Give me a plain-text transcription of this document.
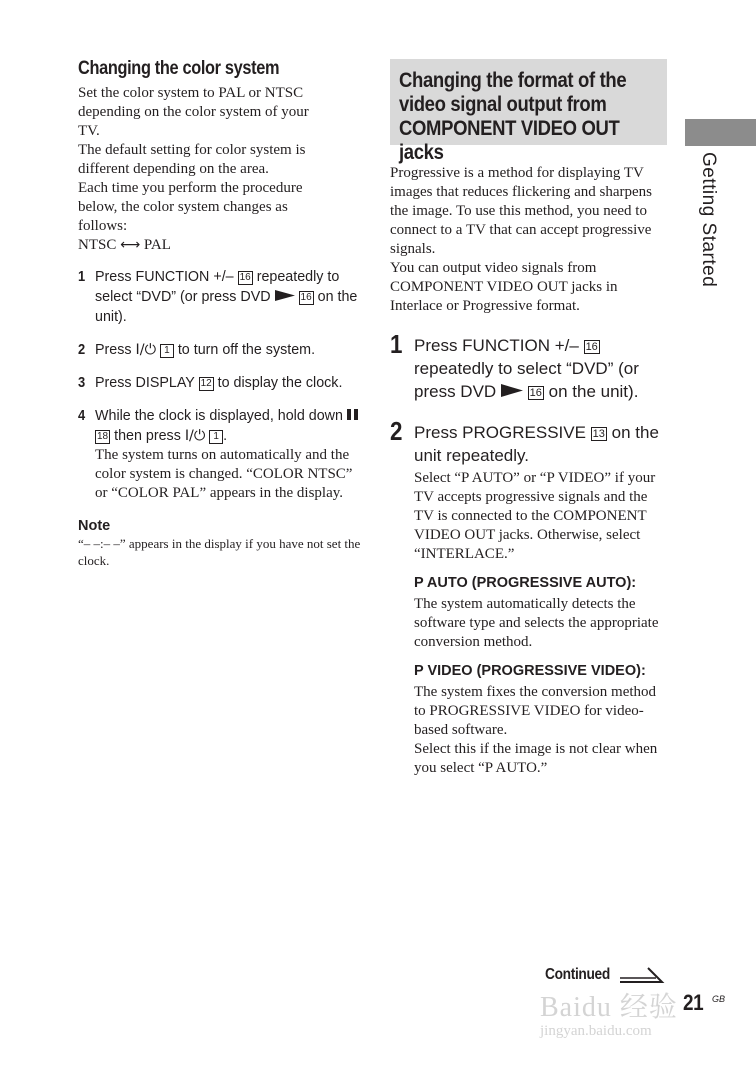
Changing the color system

Set the color system to PAL or NTSC
depending on the color system of your
TV.
The default setting for color system is
different depending on the area.
Each time you perform the procedure
below, the color system changes as
follows:

NTSC ⟷ PAL

1 Press FUNCTION +/– 16 repeatedly to select “DVD” (or press DVD	16 on the unit).
2 Press I/⏻ 1 to turn off the system.
3 Press DISPLAY 12 to display the clock.
4 While the clock is displayed, hold down  18 then press I/⏻ 1 .
The system turns on automatically and the color system is changed. “COLOR NTSC” or “COLOR PAL” appears in the display.
Note
“– –:– –” appears in the display if you have not set the clock.
Changing the format of the
video signal output from
COMPONENT VIDEO OUT jacks

Progressive is a method for displaying TV images that reduces flickering and sharpens the image. To use this method, you need to connect to a TV that can accept progressive signals.

You can output video signals from COMPONENT VIDEO OUT jacks in Interlace or Progressive format.

1 Press FUNCTION +/– 16 repeatedly to select “DVD” (or press DVD	16 on the unit).
2 Press PROGRESSIVE 13 on the unit repeatedly.
Select “P AUTO” or “P VIDEO” if your TV accepts progressive signals and the TV is connected to the COMPONENT VIDEO OUT jacks. Otherwise, select “INTERLACE.”
P AUTO (PROGRESSIVE AUTO):
The system automatically detects the software type and selects the appropriate conversion method.
P VIDEO (PROGRESSIVE VIDEO):
The system fixes the conversion method to PROGRESSIVE VIDEO for video-based software.
Select this if the image is not clear when you select “P AUTO.”
Getting Started
Continued
Baidu 经验
jingyan.baidu.com
21 GB
